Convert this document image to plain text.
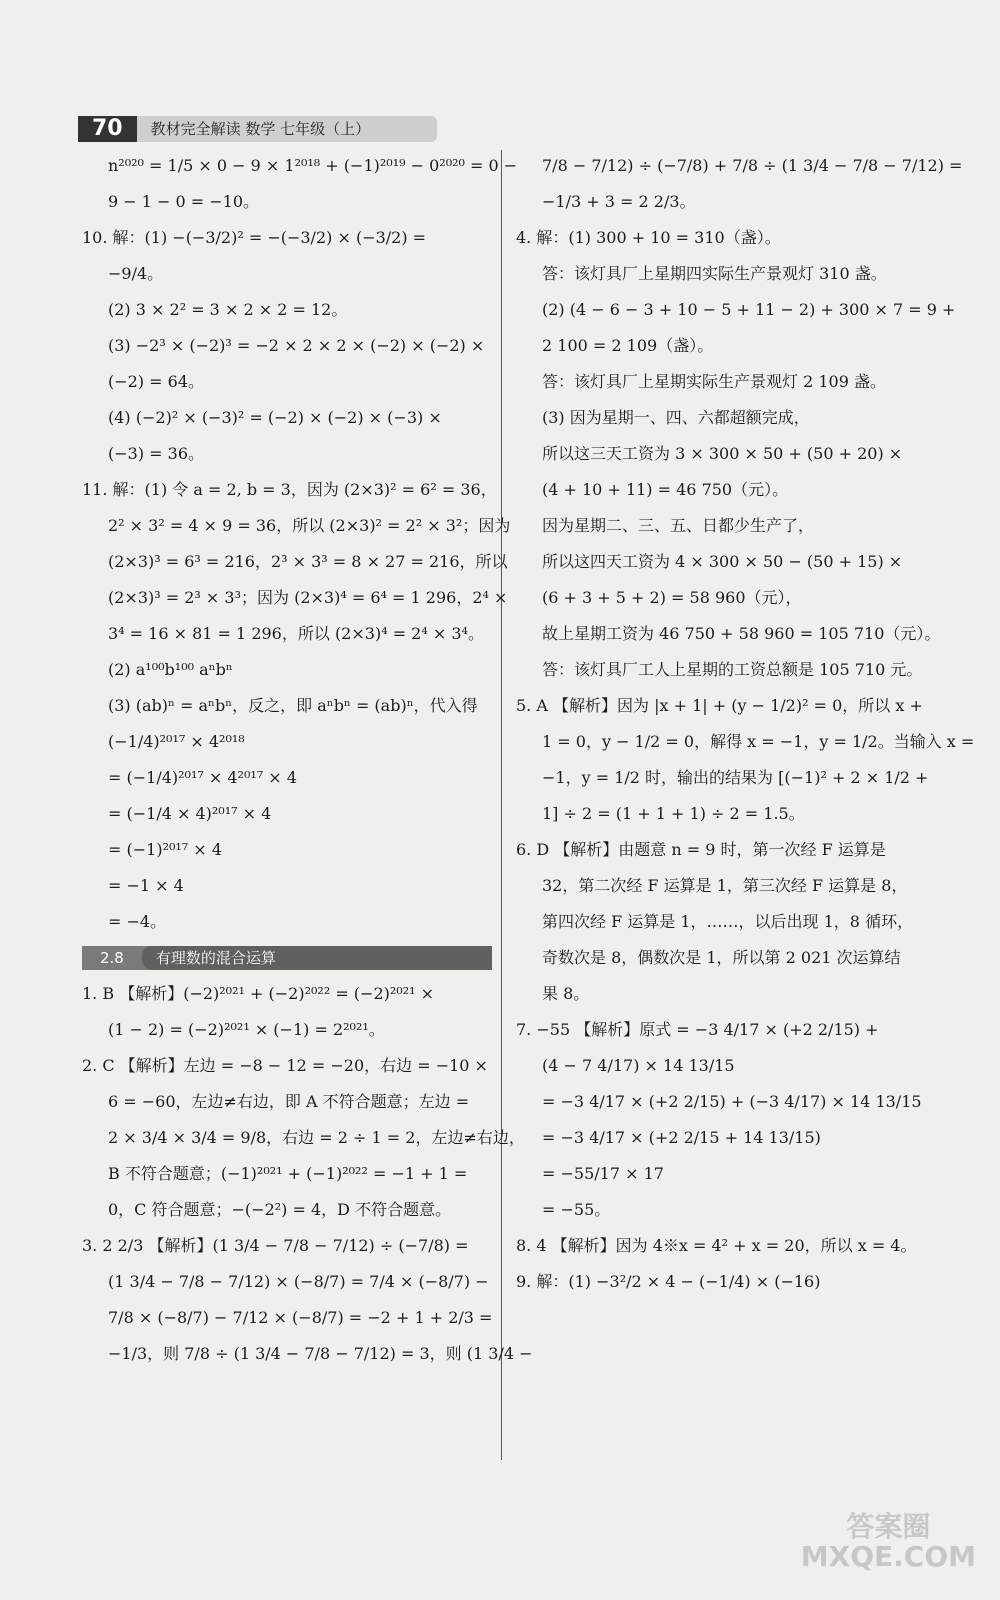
70	教材完全解读 数学 七年级（上）
n²⁰²⁰ = 1/5 × 0 − 9 × 1²⁰¹⁸ + (−1)²⁰¹⁹ − 0²⁰²⁰ = 0 −
9 − 1 − 0 = −10。
10. 解：(1) −(−3/2)² = −(−3/2) × (−3/2) =
−9/4。
(2) 3 × 2² = 3 × 2 × 2 = 12。
(3) −2³ × (−2)³ = −2 × 2 × 2 × (−2) × (−2) ×
(−2) = 64。
(4) (−2)² × (−3)² = (−2) × (−2) × (−3) ×
(−3) = 36。
11. 解：(1) 令 a = 2, b = 3，因为 (2×3)² = 6² = 36，
2² × 3² = 4 × 9 = 36，所以 (2×3)² = 2² × 3²；因为
(2×3)³ = 6³ = 216，2³ × 3³ = 8 × 27 = 216，所以
(2×3)³ = 2³ × 3³；因为 (2×3)⁴ = 6⁴ = 1 296，2⁴ ×
3⁴ = 16 × 81 = 1 296，所以 (2×3)⁴ = 2⁴ × 3⁴。
(2) a¹⁰⁰b¹⁰⁰ aⁿbⁿ
(3) (ab)ⁿ = aⁿbⁿ，反之，即 aⁿbⁿ = (ab)ⁿ，代入得
(−1/4)²⁰¹⁷ × 4²⁰¹⁸
= (−1/4)²⁰¹⁷ × 4²⁰¹⁷ × 4
= (−1/4 × 4)²⁰¹⁷ × 4
= (−1)²⁰¹⁷ × 4
= −1 × 4
= −4。
2.8	有理数的混合运算
1. B 【解析】(−2)²⁰²¹ + (−2)²⁰²² = (−2)²⁰²¹ ×
(1 − 2) = (−2)²⁰²¹ × (−1) = 2²⁰²¹。
2. C 【解析】左边 = −8 − 12 = −20，右边 = −10 ×
6 = −60，左边≠右边，即 A 不符合题意；左边 =
2 × 3/4 × 3/4 = 9/8，右边 = 2 ÷ 1 = 2，左边≠右边，
B 不符合题意；(−1)²⁰²¹ + (−1)²⁰²² = −1 + 1 =
0，C 符合题意；−(−2²) = 4，D 不符合题意。
3. 2 2/3 【解析】(1 3/4 − 7/8 − 7/12) ÷ (−7/8) =
(1 3/4 − 7/8 − 7/12) × (−8/7) = 7/4 × (−8/7) −
7/8 × (−8/7) − 7/12 × (−8/7) = −2 + 1 + 2/3 =
−1/3，则 7/8 ÷ (1 3/4 − 7/8 − 7/12) = 3，则 (1 3/4 −
7/8 − 7/12) ÷ (−7/8) + 7/8 ÷ (1 3/4 − 7/8 − 7/12) =
−1/3 + 3 = 2 2/3。
4. 解：(1) 300 + 10 = 310（盏）。
答：该灯具厂上星期四实际生产景观灯 310 盏。
(2) (4 − 6 − 3 + 10 − 5 + 11 − 2) + 300 × 7 = 9 +
2 100 = 2 109（盏）。
答：该灯具厂上星期实际生产景观灯 2 109 盏。
(3) 因为星期一、四、六都超额完成，
所以这三天工资为 3 × 300 × 50 + (50 + 20) ×
(4 + 10 + 11) = 46 750（元）。
因为星期二、三、五、日都少生产了，
所以这四天工资为 4 × 300 × 50 − (50 + 15) ×
(6 + 3 + 5 + 2) = 58 960（元），
故上星期工资为 46 750 + 58 960 = 105 710（元）。
答：该灯具厂工人上星期的工资总额是 105 710 元。
5. A 【解析】因为 |x + 1| + (y − 1/2)² = 0，所以 x +
1 = 0，y − 1/2 = 0，解得 x = −1，y = 1/2。当输入 x =
−1，y = 1/2 时，输出的结果为 [(−1)² + 2 × 1/2 +
1] ÷ 2 = (1 + 1 + 1) ÷ 2 = 1.5。
6. D 【解析】由题意 n = 9 时，第一次经 F 运算是
32，第二次经 F 运算是 1，第三次经 F 运算是 8，
第四次经 F 运算是 1，……，以后出现 1，8 循环，
奇数次是 8，偶数次是 1，所以第 2 021 次运算结
果 8。
7. −55 【解析】原式 = −3 4/17 × (+2 2/15) +
(4 − 7 4/17) × 14 13/15
= −3 4/17 × (+2 2/15) + (−3 4/17) × 14 13/15
= −3 4/17 × (+2 2/15 + 14 13/15)
= −55/17 × 17
= −55。
8. 4 【解析】因为 4※x = 4² + x = 20，所以 x = 4。
9. 解：(1) −3²/2 × 4 − (−1/4) × (−16)
答案圈
MXQE.COM
